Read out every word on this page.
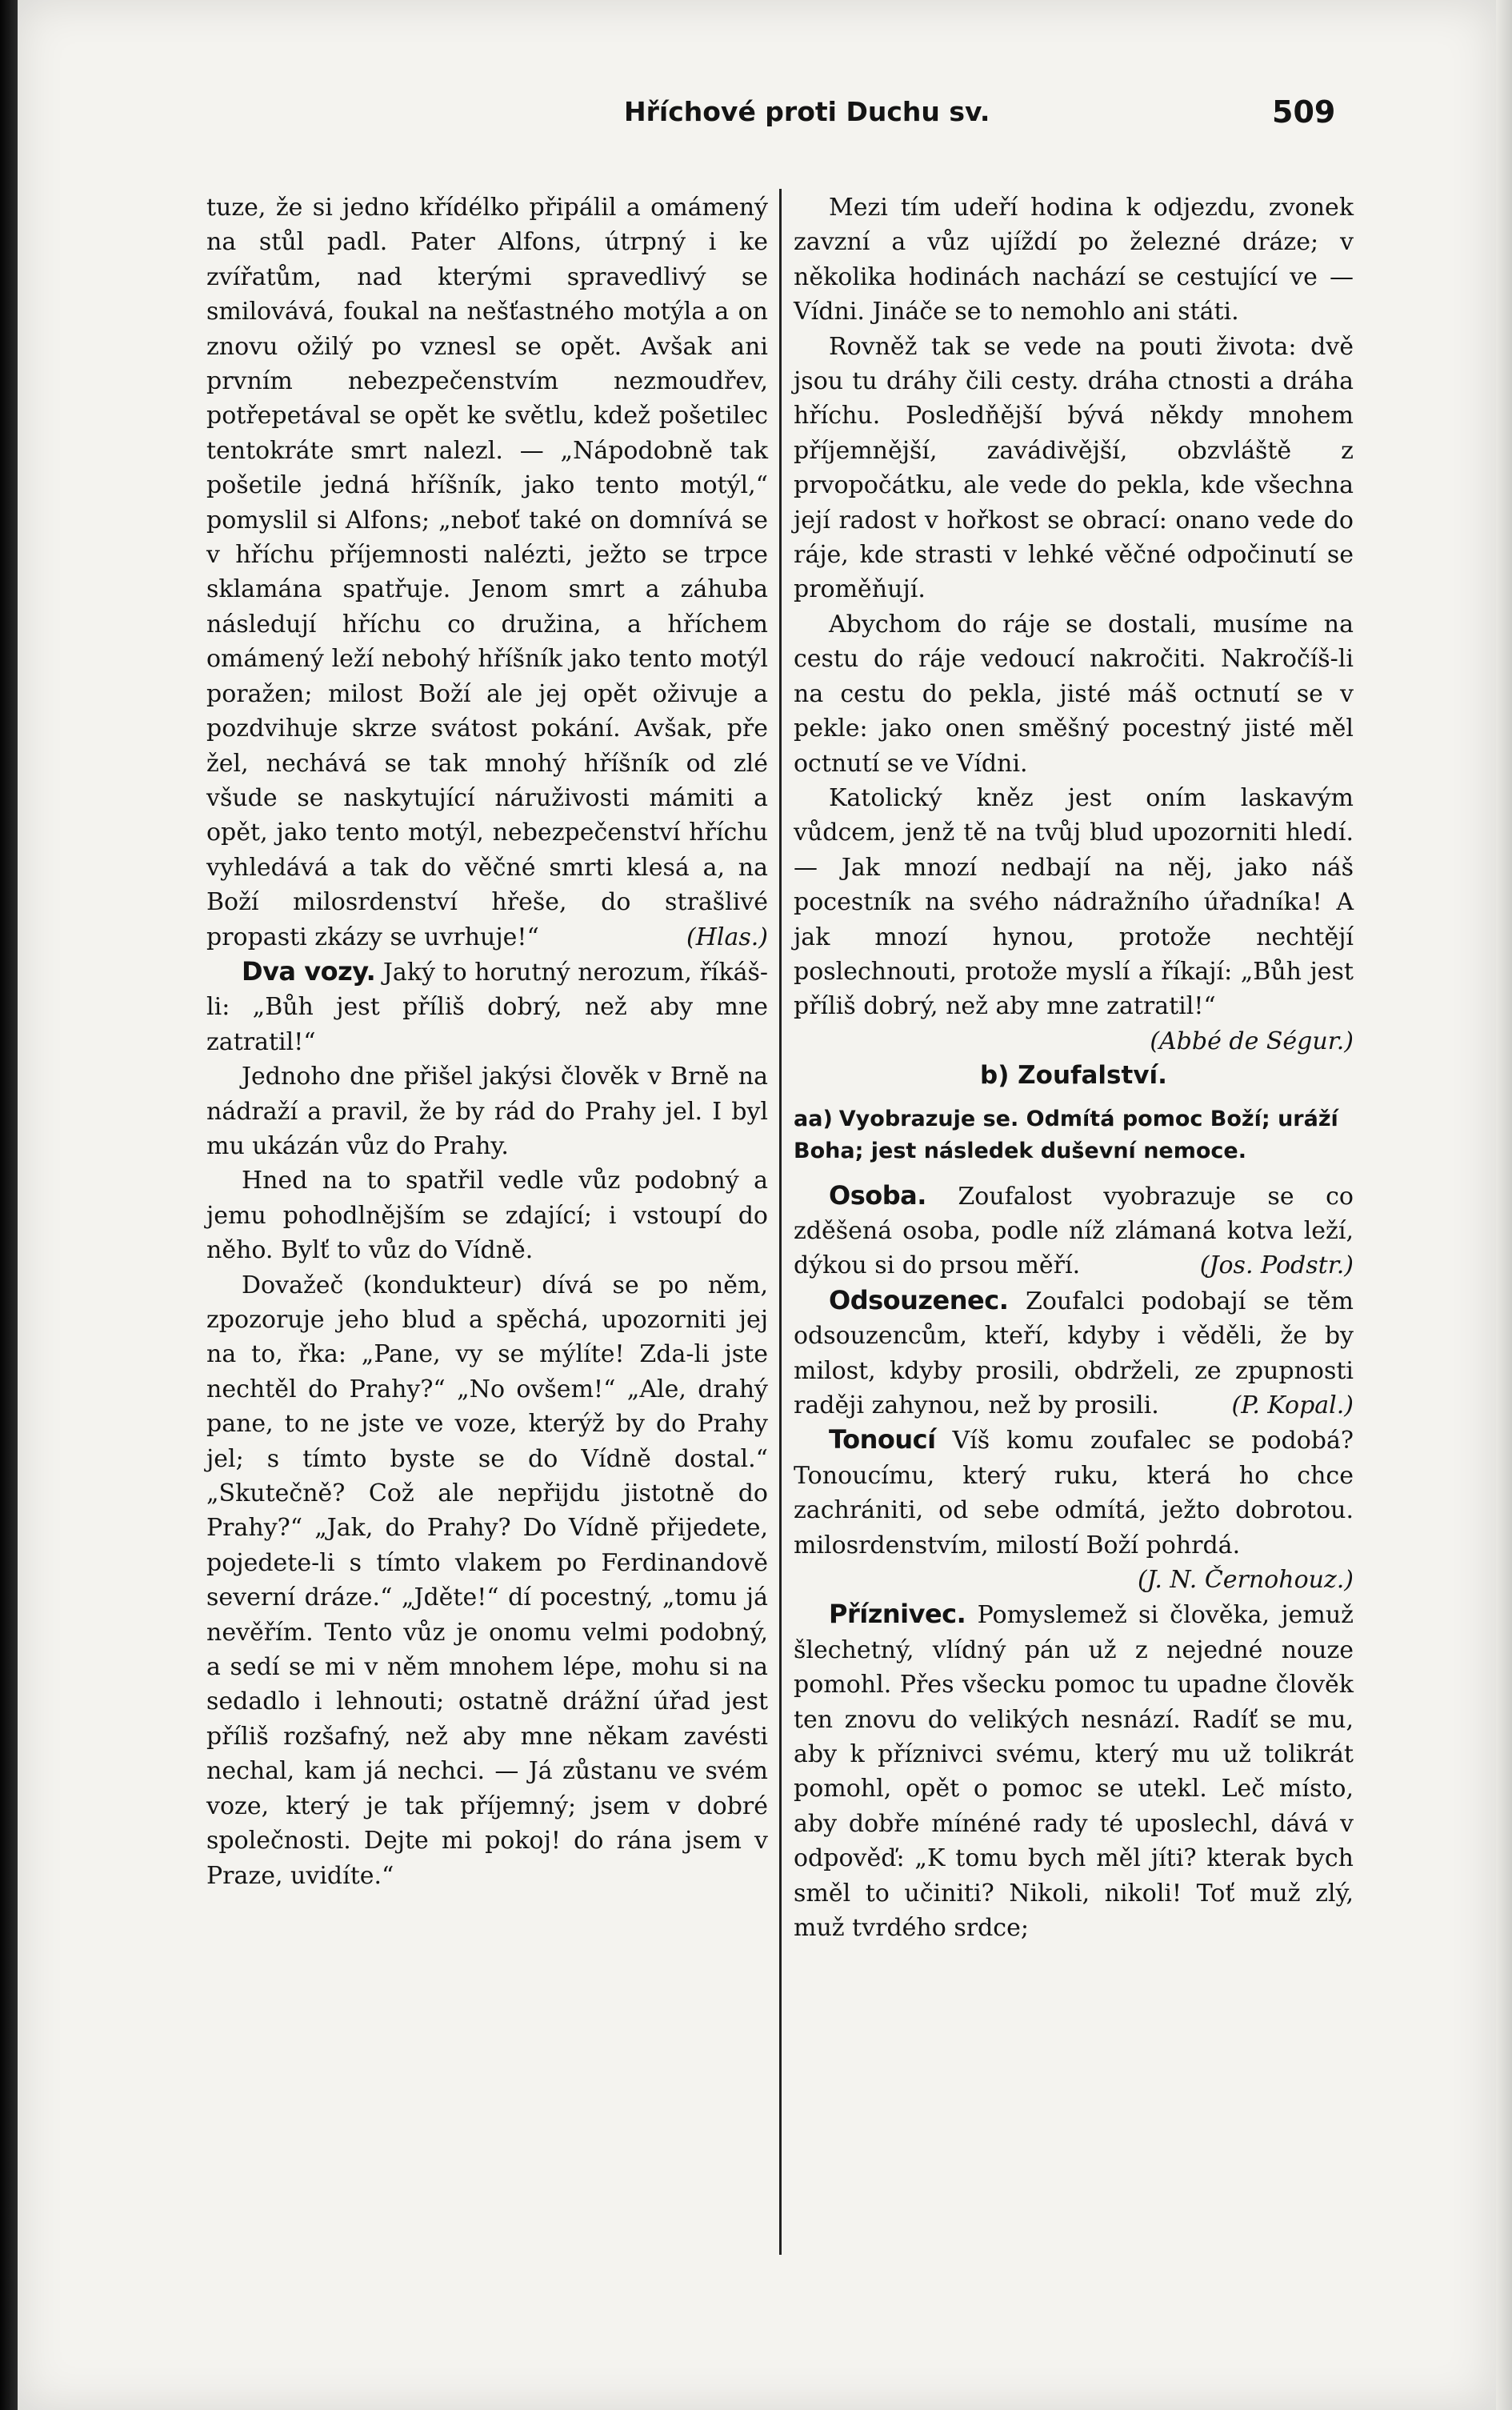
Hříchové proti Duchu sv.	509

tuze, že si jedno křídélko připálil a omámený na stůl padl. Pater Alfons, útrpný i ke zvířatům, nad kterými spravedlivý se smilovává, foukal na nešťastného motýla a on znovu ožilý po vznesl se opět. Avšak ani prvním nebezpečenstvím nezmoudřev, potřepetával se opět ke světlu, kdež pošetilec tentokráte smrt nalezl. — „Nápodobně tak pošetile jedná hříšník, jako tento motýl,“ pomyslil si Alfons; „neboť také on domnívá se v hříchu příjemnosti nalézti, ježto se trpce sklamána spatřuje. Jenom smrt a záhuba následují hříchu co družina, a hříchem omámený leží nebohý hříšník jako tento motýl poražen; milost Boží ale jej opět oživuje a pozdvihuje skrze svátost pokání. Avšak, pře žel, nechává se tak mnohý hříšník od zlé všude se naskytující náruživosti mámiti a opět, jako tento motýl, nebezpečenství hříchu vyhledává a tak do věčné smrti klesá a, na Boží milosrdenství hřeše, do strašlivé propasti zkázy se uvrhuje!“	(Hlas.)

Dva vozy. Jaký to horutný nerozum, říkáš-li: „Bůh jest příliš dobrý, než aby mne zatratil!“

Jednoho dne přišel jakýsi člověk v Brně na nádraží a pravil, že by rád do Prahy jel. I byl mu ukázán vůz do Prahy.

Hned na to spatřil vedle vůz podobný a jemu pohodlnějším se zdající; i vstoupí do něho. Bylť to vůz do Vídně.

Dovažeč (kondukteur) dívá se po něm, zpozoruje jeho blud a spěchá, upozorniti jej na to, řka: „Pane, vy se mýlíte! Zda-li jste nechtěl do Prahy?“ „No ovšem!“ „Ale, drahý pane, to ne jste ve voze, kterýž by do Prahy jel; s tímto byste se do Vídně dostal.“ „Skutečně? Což ale nepřijdu jistotně do Prahy?“ „Jak, do Prahy? Do Vídně přijedete, pojedete-li s tímto vlakem po Ferdinandově severní dráze.“ „Jděte!“ dí pocestný, „tomu já nevěřím. Tento vůz je onomu velmi podobný, a sedí se mi v něm mnohem lépe, mohu si na sedadlo i lehnouti; ostatně drážní úřad jest příliš rozšafný, než aby mne někam zavésti nechal, kam já nechci. — Já zůstanu ve svém voze, který je tak příjemný; jsem v dobré společnosti. Dejte mi pokoj! do rána jsem v Praze, uvidíte.“

Mezi tím udeří hodina k odjezdu, zvonek zavzní a vůz ujíždí po železné dráze; v několika hodinách nachází se cestující ve — Vídni. Jináče se to nemohlo ani státi.

Rovněž tak se vede na pouti života: dvě jsou tu dráhy čili cesty. dráha ctnosti a dráha hříchu. Posledňější bývá někdy mnohem příjemnější, zavádivější, obzvláště z prvopočátku, ale vede do pekla, kde všechna její radost v hořkost se obrací: onano vede do ráje, kde strasti v lehké věčné odpočinutí se proměňují.

Abychom do ráje se dostali, musíme na cestu do ráje vedoucí nakročiti. Nakročíš-li na cestu do pekla, jisté máš octnutí se v pekle: jako onen směšný pocestný jisté měl octnutí se ve Vídni.

Katolický kněz jest oním laskavým vůdcem, jenž tě na tvůj blud upozorniti hledí. — Jak mnozí nedbají na něj, jako náš pocestník na svého nádražního úřadníka! A jak mnozí hynou, protože nechtějí poslechnouti, protože myslí a říkají: „Bůh jest příliš dobrý, než aby mne zatratil!“
(Abbé de Ségur.)

b) Zoufalství.

aa) Vyobrazuje se. Odmítá pomoc Boží; uráží Boha; jest následek duševní nemoce.

Osoba. Zoufalost vyobrazuje se co zděšená osoba, podle níž zlámaná kotva leží, dýkou si do prsou měří.	(Jos. Podstr.)

Odsouzenec. Zoufalci podobají se těm odsouzencům, kteří, kdyby i věděli, že by milost, kdyby prosili, obdrželi, ze zpupnosti raději zahynou, než by prosili.	(P. Kopal.)

Tonoucí Víš komu zoufalec se podobá? Tonoucímu, který ruku, která ho chce zachrániti, od sebe odmítá, ježto dobrotou. milosrdenstvím, milostí Boží pohrdá.
(J. N. Černohouz.)

Příznivec. Pomyslemež si člověka, jemuž šlechetný, vlídný pán už z nejedné nouze pomohl. Přes všecku pomoc tu upadne člověk ten znovu do velikých nesnází. Radíť se mu, aby k příznivci svému, který mu už tolikrát pomohl, opět o pomoc se utekl. Leč místo, aby dobře mínéné rady té uposlechl, dává v odpověď: „K tomu bych měl jíti? kterak bych směl to učiniti? Nikoli, nikoli! Toť muž zlý, muž tvrdého srdce;
